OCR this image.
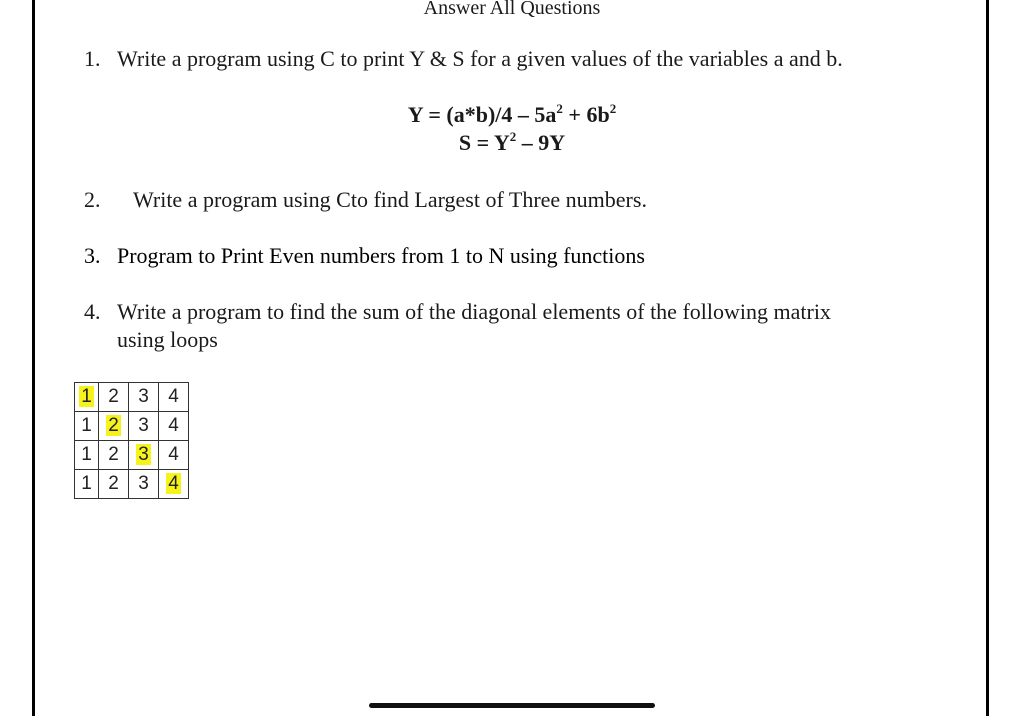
Answer All Questions
1. Write a program using C to print Y & S for a given values of the variables a and b.
$Y = (a*b)/4 - 5a^2 + 6b^2$
$S = Y^2 - 9Y$
2. Write a program using Cto find Largest of Three numbers.
3. Program to Print Even numbers from 1 to N using functions
4. Write a program to find the sum of the diagonal elements of the following matrix
using loops
1	2	3	4
1	2	3	4
1	2	3	4
1	2	3	4
